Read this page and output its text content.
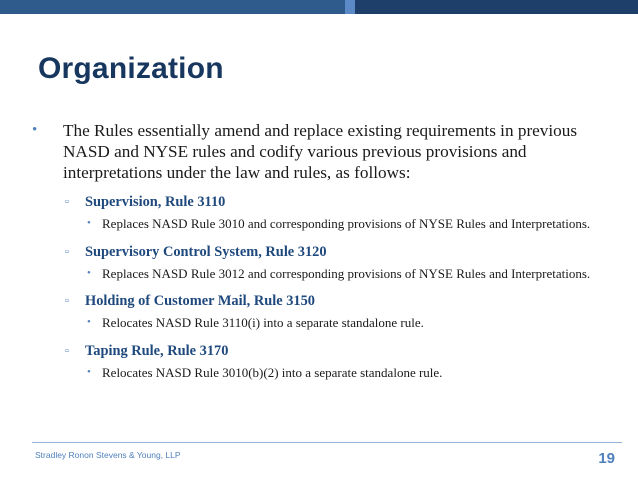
Organization
• The Rules essentially amend and replace existing requirements in previous NASD and NYSE rules and codify various previous provisions and interpretations under the law and rules, as follows:
▫ Supervision, Rule 3110
• Replaces NASD Rule 3010 and corresponding provisions of NYSE Rules and Interpretations.
▫ Supervisory Control System, Rule 3120
• Replaces NASD Rule 3012 and corresponding provisions of NYSE Rules and Interpretations.
▫ Holding of Customer Mail, Rule 3150
• Relocates NASD Rule 3110(i) into a separate standalone rule.
▫ Taping Rule, Rule 3170
• Relocates NASD Rule 3010(b)(2) into a separate standalone rule.
Stradley Ronon Stevens & Young, LLP	19
